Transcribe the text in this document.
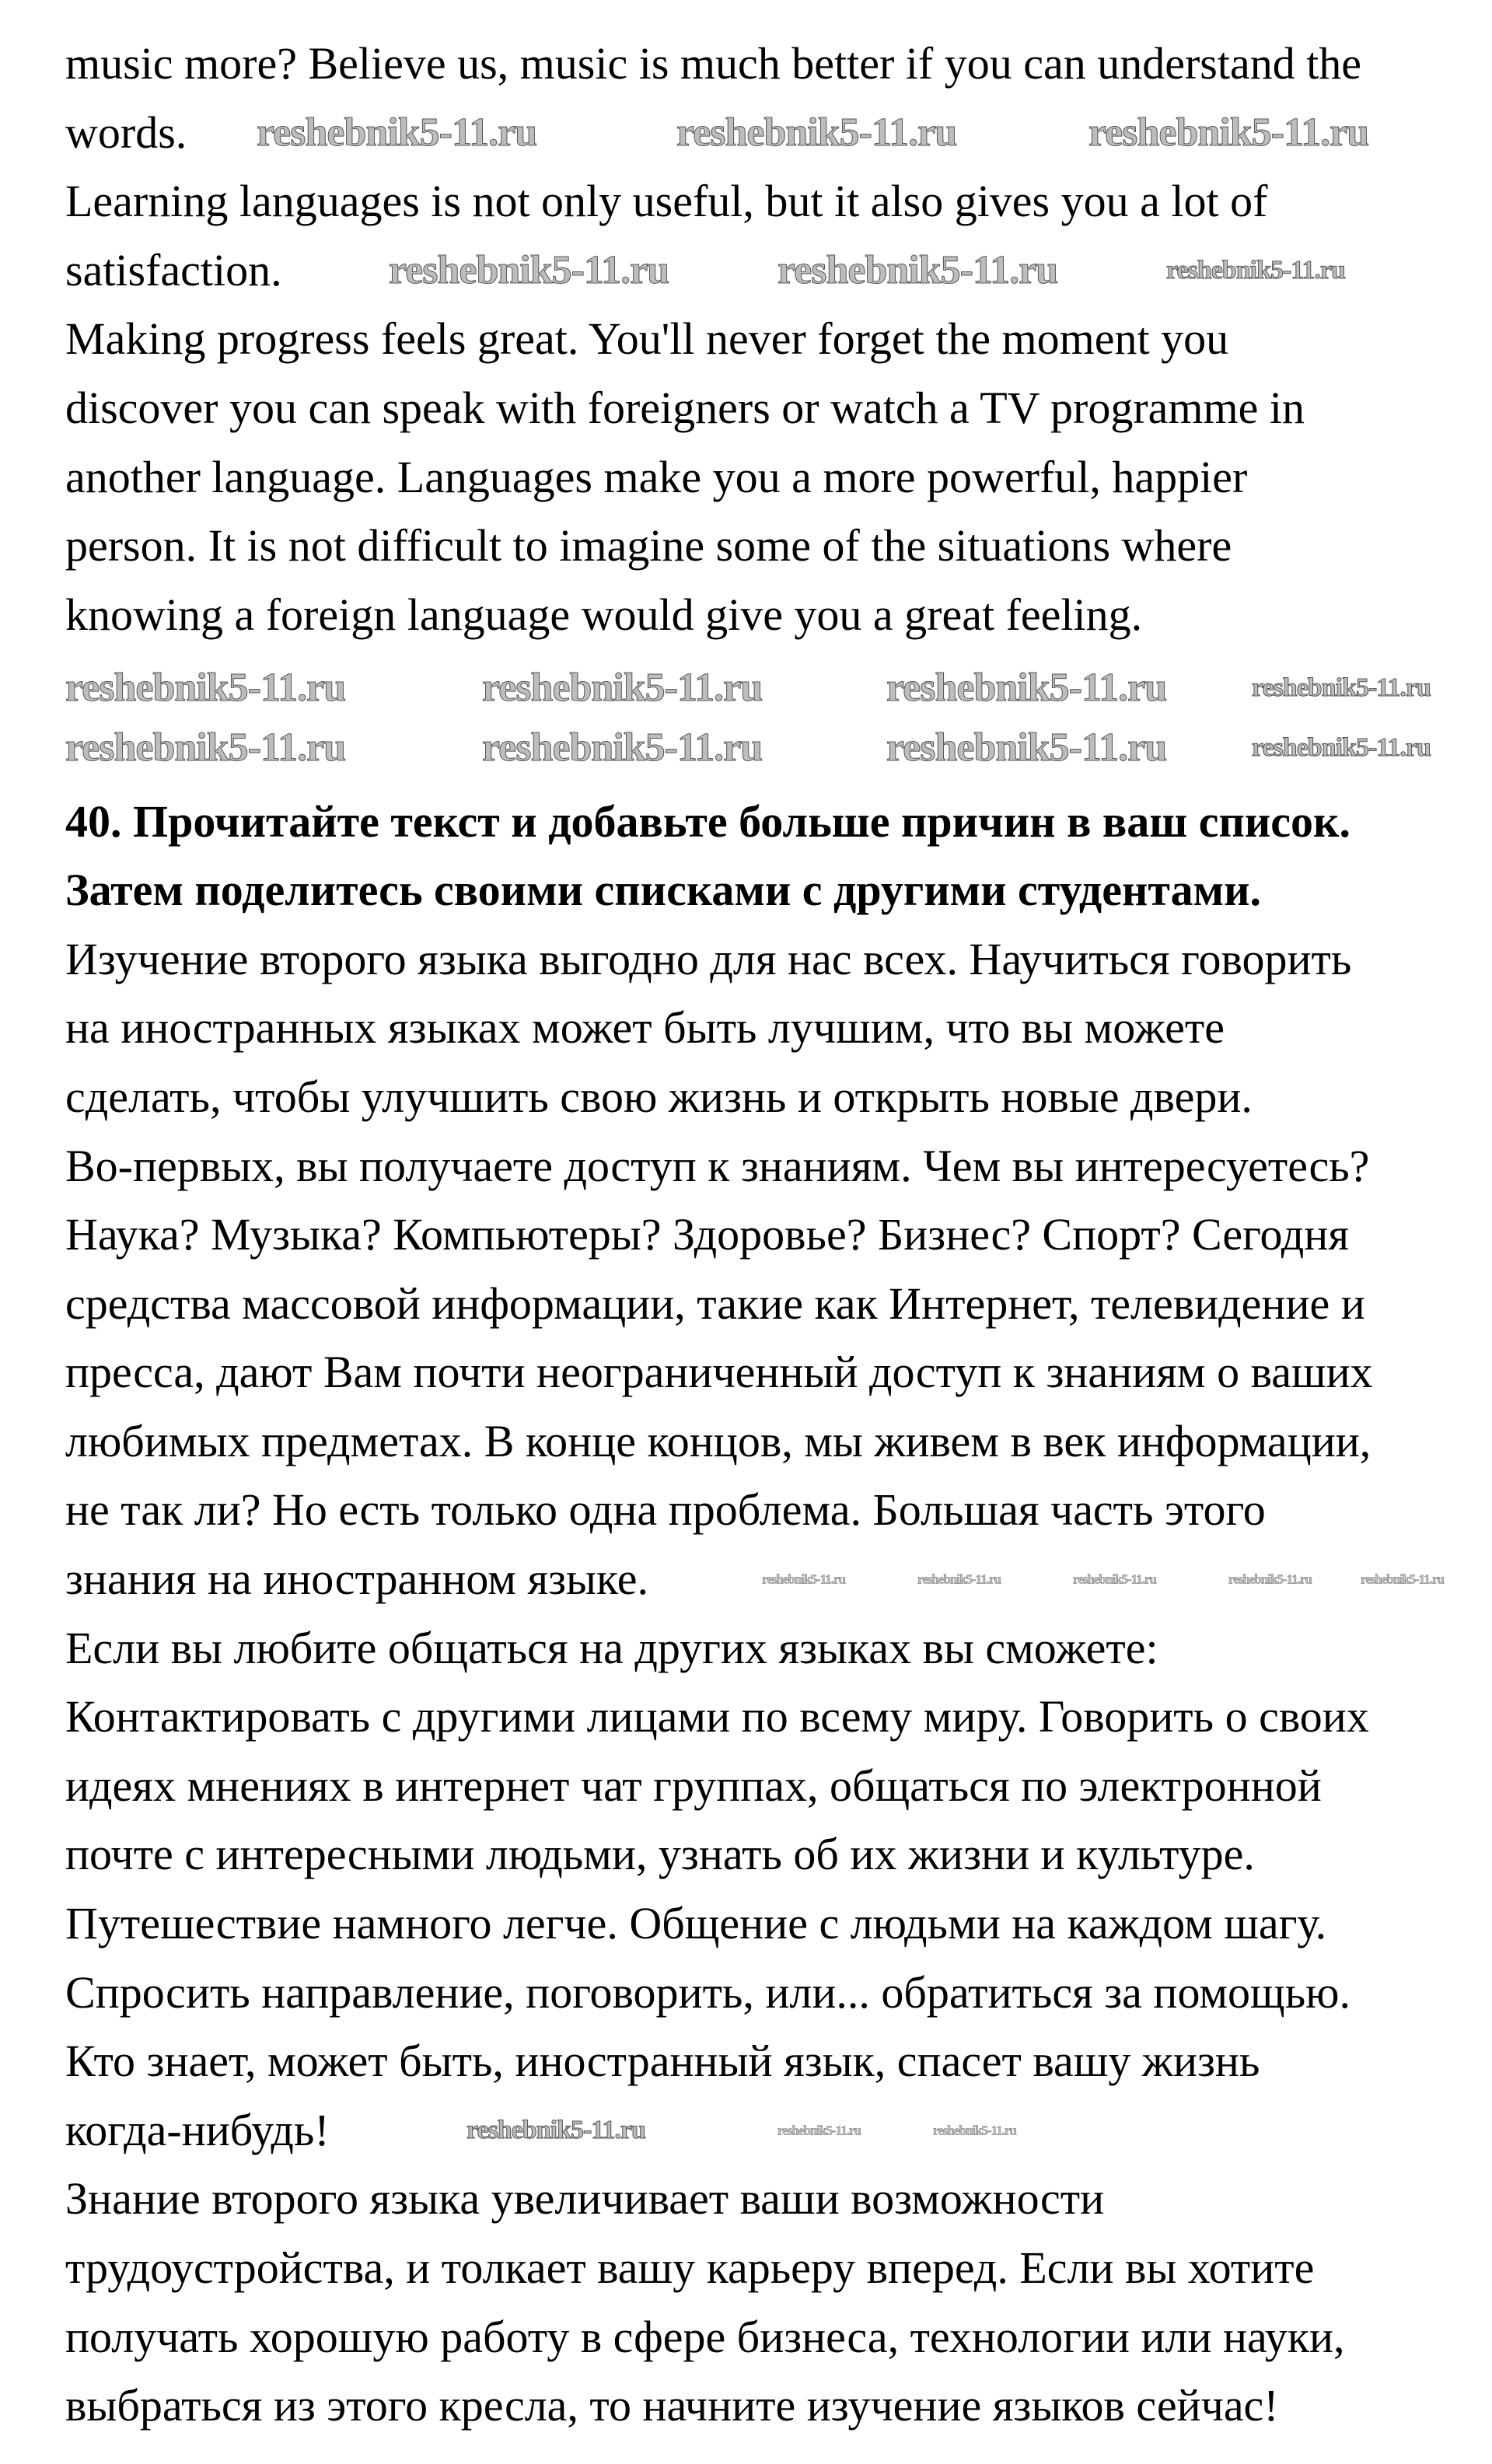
music more? Believe us, music is much better if you can understand the
words.
Learning languages is not only useful, but it also gives you a lot of
satisfaction.
Making progress feels great. You'll never forget the moment you
discover you can speak with foreigners or watch a TV programme in
another language. Languages make you a more powerful, happier
person. It is not difficult to imagine some of the situations where
knowing a foreign language would give you a great feeling.
40. Прочитайте текст и добавьте больше причин в ваш список.
Затем поделитесь своими списками с другими студентами.
Изучение второго языка выгодно для нас всех. Научиться говорить
на иностранных языках может быть лучшим, что вы можете
сделать, чтобы улучшить свою жизнь и открыть новые двери.
Во-первых, вы получаете доступ к знаниям. Чем вы интересуетесь?
Наука? Музыка? Компьютеры? Здоровье? Бизнес? Спорт? Сегодня
средства массовой информации, такие как Интернет, телевидение и
пресса, дают Вам почти неограниченный доступ к знаниям о ваших
любимых предметах. В конце концов, мы живем в век информации,
не так ли? Но есть только одна проблема. Большая часть этого
знания на иностранном языке.
Если вы любите общаться на других языках вы сможете:
Контактировать с другими лицами по всему миру. Говорить о своих
идеях мнениях в интернет чат группах, общаться по электронной
почте с интересными людьми, узнать об их жизни и культуре.
Путешествие намного легче. Общение с людьми на каждом шагу.
Спросить направление, поговорить, или... обратиться за помощью.
Кто знает, может быть, иностранный язык, спасет вашу жизнь
когда-нибудь!
Знание второго языка увеличивает ваши возможности
трудоустройства, и толкает вашу карьеру вперед. Если вы хотите
получать хорошую работу в сфере бизнеса, технологии или науки,
выбраться из этого кресла, то начните изучение языков сейчас!
reshebnik5-11.ru	reshebnik5-11.ru	reshebnik5-11.ru
reshebnik5-11.ru	reshebnik5-11.ru	reshebnik5-11.ru
reshebnik5-11.ru	reshebnik5-11.ru	reshebnik5-11.ru	reshebnik5-11.ru
reshebnik5-11.ru	reshebnik5-11.ru	reshebnik5-11.ru	reshebnik5-11.ru
reshebnik5-11.ru	reshebnik5-11.ru	reshebnik5-11.ru	reshebnik5-11.ru	reshebnik5-11.ru
reshebnik5-11.ru	reshebnik5-11.ru	reshebnik5-11.ru
